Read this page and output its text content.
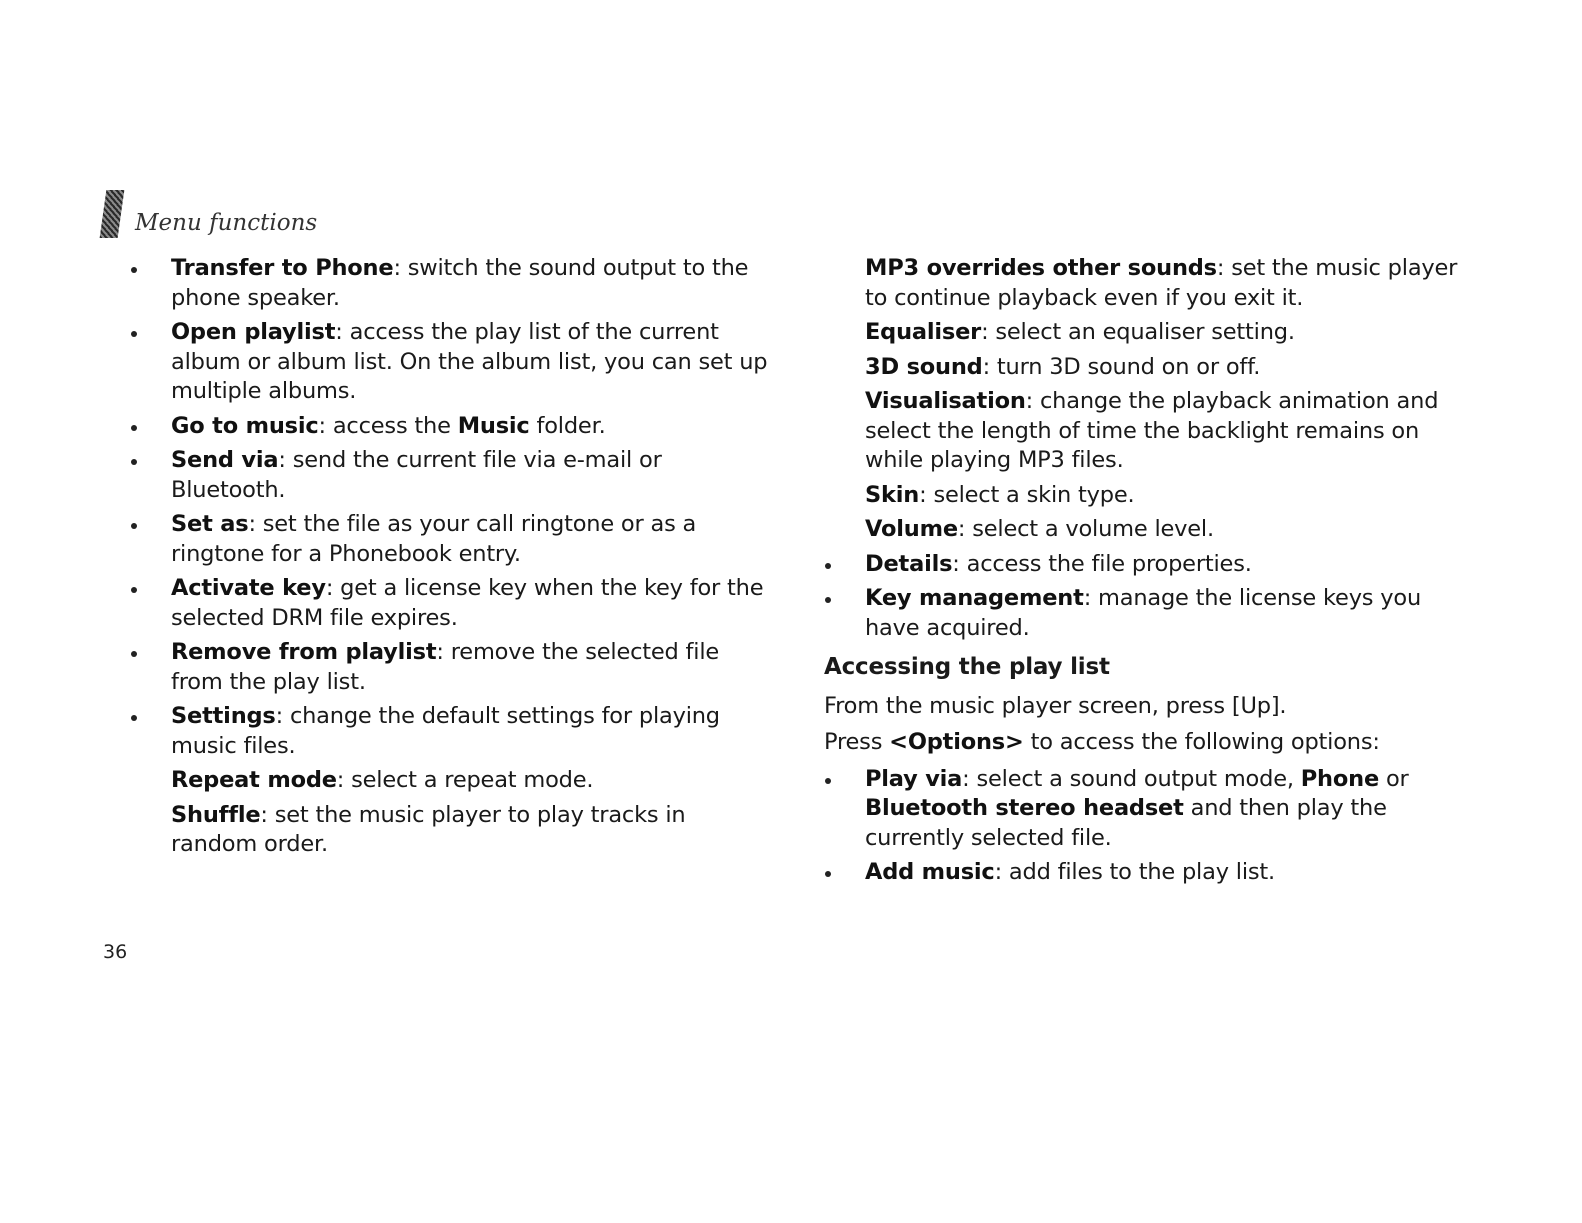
Menu functions
Transfer to Phone: switch the sound output to the phone speaker.
Open playlist: access the play list of the current album or album list. On the album list, you can set up multiple albums.
Go to music: access the Music folder.
Send via: send the current file via e-mail or Bluetooth.
Set as: set the file as your call ringtone or as a ringtone for a Phonebook entry.
Activate key: get a license key when the key for the selected DRM file expires.
Remove from playlist: remove the selected file from the play list.
Settings: change the default settings for playing music files.
Repeat mode: select a repeat mode.
Shuffle: set the music player to play tracks in random order.
MP3 overrides other sounds: set the music player to continue playback even if you exit it.
Equaliser: select an equaliser setting.
3D sound: turn 3D sound on or off.
Visualisation: change the playback animation and select the length of time the backlight remains on while playing MP3 files.
Skin: select a skin type.
Volume: select a volume level.
Details: access the file properties.
Key management: manage the license keys you have acquired.
Accessing the play list
From the music player screen, press [Up].
Press <Options> to access the following options:
Play via: select a sound output mode, Phone or Bluetooth stereo headset and then play the currently selected file.
Add music: add files to the play list.
36
